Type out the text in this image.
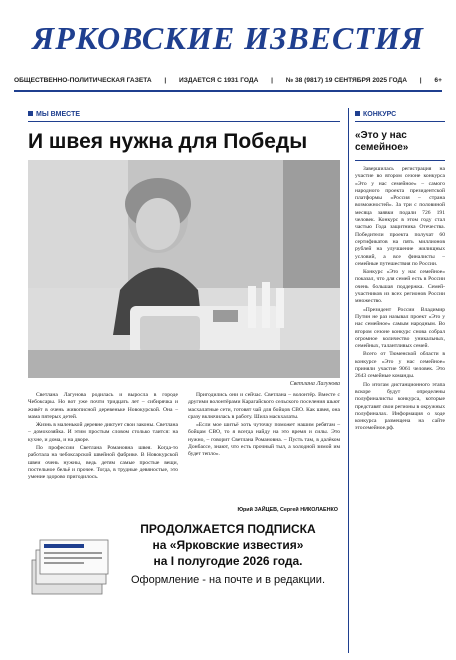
ЯРКОВСКИЕ ИЗВЕСТИЯ
ОБЩЕСТВЕННО-ПОЛИТИЧЕСКАЯ ГАЗЕТА | ИЗДАЕТСЯ С 1931 ГОДА | № 38 (9817) 19 СЕНТЯБРЯ 2025 ГОДА | 6+
МЫ ВМЕСТЕ
И швея нужна для Победы
Светлана Лагунова

Светлана Лагунова родилась и выросла в городе Чебоксары. Но вот уже почти тридцать лет – сибирячка и живёт в очень живописной деревеньке Новокурской. Она – мама пятерых детей.

Жизнь в маленькой деревне диктует свои законы. Светлана – домохозяйка. И этим простым словом столько таится: на кухне, и дома, и на дворе.

По профессии Светлана Романовна швея. Когда-то работала на чебоксарской швейной фабрике. В Новокурской швеи очень нужны, ведь детям самые простые вещи, постельное бельё и прочее. Тогда, в трудные девяностые, это умение здорово пригодилось.

Пригодились они и сейчас. Светлана – волонтёр. Вместе с другими волонтёрами Карагайского сельского поселения шьют масхалатные сети, готовят чай для бойцов СВО. Как швея, она сразу включилась в работу. Шила маскхалаты.

«Если мое шитьё хоть чуточку поможет нашим ребятам – бойцам СВО, то я всегда найду на это время и силы. Это нужно, – говорит Светлана Романовна. – Пусть там, в далёком Донбассе, знают, что есть прочный тыл, а холодной зимой им будет тепло».

Юрий ЗАЙЦЕВ, Сергей НИКОЛАЕНКО
ПРОДОЛЖАЕТСЯ ПОДПИСКА
на «Ярковские известия»
на I полугодие 2026 года.
Оформление - на почте и в редакции.
КОНКУРС
«Это у нас семейное»

Завершилась регистрация на участие во втором сезоне конкурса «Это у нас семейное» – самого народного проекта президентской платформы «Россия – страна возможностей». За три с половиной месяца заявки подали 726 191 человек. Конкурс в этом году стал частью Года защитника Отечества. Победители проекта получат 60 сертификатов на пять миллионов рублей на улучшение жилищных условий, а все финалисты – семейные путешествия по России.

Конкурс «Это у нас семейное» показал, что для семей есть в России очень большая поддержка. Семей-участников из всех регионов России множество.

«Президент России Владимир Путин не раз называл проект «Это у нас семейное» самым народным. Во втором сезоне конкурс снова собрал огромное количество уникальных, семейных, талантливых семей.

Всего от Тюменской области в конкурсе «Это у нас семейное» приняли участие 9061 человек. Это 2643 семейные команды.

По итогам дистанционного этапа вскоре будут определены полуфиналисты конкурса, которые представят свои регионы в окружных полуфиналах. Информация о ходе конкурса размещена на сайте этосемейное.рф.
